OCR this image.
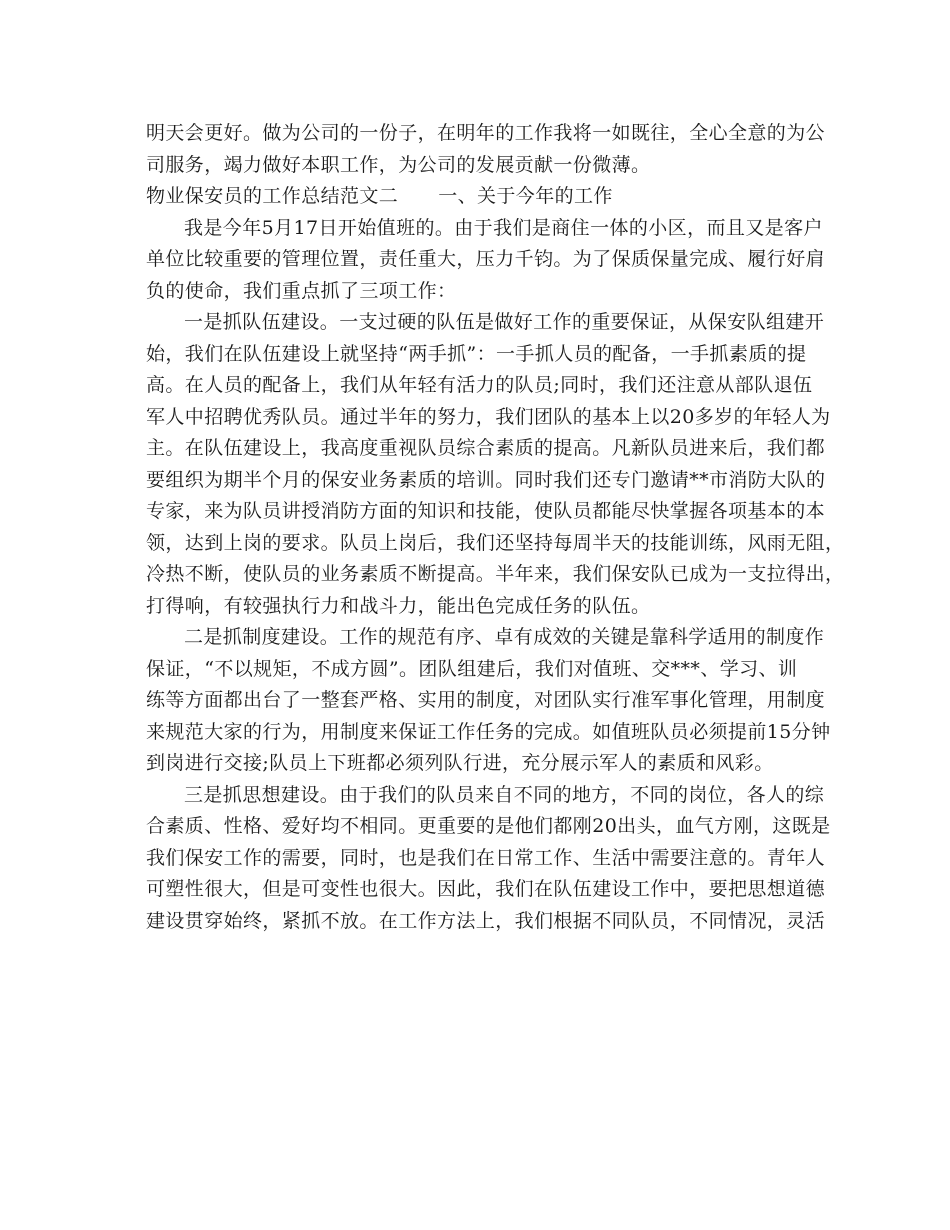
明天会更好。做为公司的一份子，在明年的工作我将一如既往，全心全意的为公
司服务，竭力做好本职工作，为公司的发展贡献一份微薄。
物业保安员的工作总结范文二 一、关于今年的工作
我是今年5月17日开始值班的。由于我们是商住一体的小区，而且又是客户
单位比较重要的管理位置，责任重大，压力千钧。为了保质保量完成、履行好肩
负的使命，我们重点抓了三项工作：
一是抓队伍建设。一支过硬的队伍是做好工作的重要保证，从保安队组建开
始，我们在队伍建设上就坚持“两手抓”：一手抓人员的配备，一手抓素质的提
高。在人员的配备上，我们从年轻有活力的队员;同时，我们还注意从部队退伍
军人中招聘优秀队员。通过半年的努力，我们团队的基本上以20多岁的年轻人为
主。在队伍建设上，我高度重视队员综合素质的提高。凡新队员进来后，我们都
要组织为期半个月的保安业务素质的培训。同时我们还专门邀请**市消防大队的
专家，来为队员讲授消防方面的知识和技能，使队员都能尽快掌握各项基本的本
领，达到上岗的要求。队员上岗后，我们还坚持每周半天的技能训练，风雨无阻，
冷热不断，使队员的业务素质不断提高。半年来，我们保安队已成为一支拉得出，
打得响，有较强执行力和战斗力，能出色完成任务的队伍。
二是抓制度建设。工作的规范有序、卓有成效的关键是靠科学适用的制度作
保证，“不以规矩，不成方圆”。团队组建后，我们对值班、交***、学习、训
练等方面都出台了一整套严格、实用的制度，对团队实行准军事化管理，用制度
来规范大家的行为，用制度来保证工作任务的完成。如值班队员必须提前15分钟
到岗进行交接;队员上下班都必须列队行进，充分展示军人的素质和风彩。
三是抓思想建设。由于我们的队员来自不同的地方，不同的岗位，各人的综
合素质、性格、爱好均不相同。更重要的是他们都刚20出头，血气方刚，这既是
我们保安工作的需要，同时，也是我们在日常工作、生活中需要注意的。青年人
可塑性很大，但是可变性也很大。因此，我们在队伍建设工作中，要把思想道德
建设贯穿始终，紧抓不放。在工作方法上，我们根据不同队员，不同情况，灵活
